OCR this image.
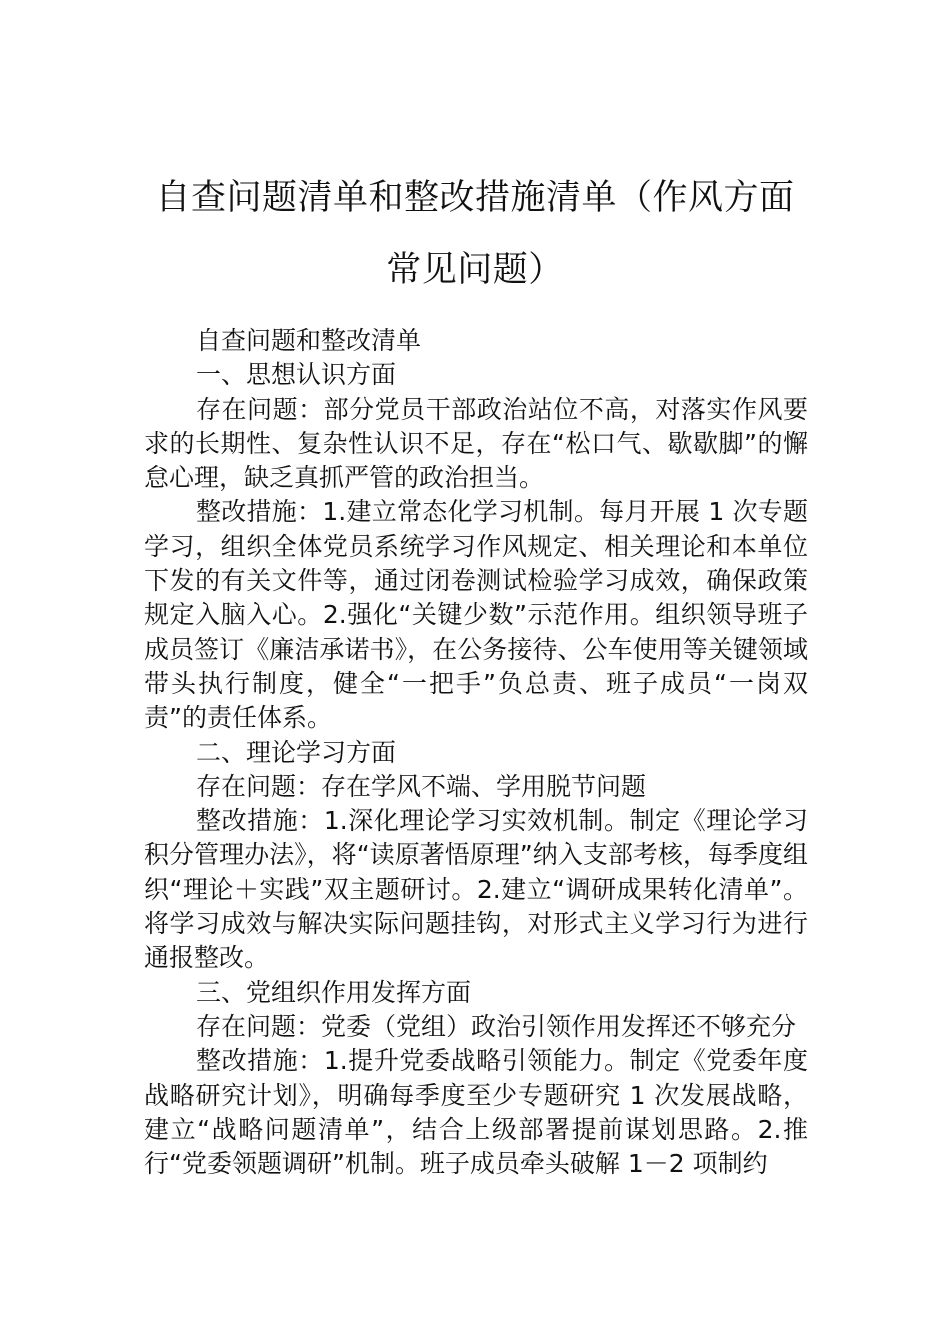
自查问题清单和整改措施清单（作风方面常见问题）

自查问题和整改清单

一、思想认识方面

存在问题：部分党员干部政治站位不高，对落实作风要求的长期性、复杂性认识不足，存在“松口气、歇歇脚”的懈怠心理，缺乏真抓严管的政治担当。

整改措施：1.建立常态化学习机制。每月开展 1 次专题学习，组织全体党员系统学习作风规定、相关理论和本单位下发的有关文件等，通过闭卷测试检验学习成效，确保政策规定入脑入心。2.强化“关键少数”示范作用。组织领导班子成员签订《廉洁承诺书》，在公务接待、公车使用等关键领域带头执行制度，健全“一把手”负总责、班子成员“一岗双责”的责任体系。

二、理论学习方面

存在问题：存在学风不端、学用脱节问题

整改措施：1.深化理论学习实效机制。制定《理论学习积分管理办法》，将“读原著悟原理”纳入支部考核，每季度组织“理论＋实践”双主题研讨。2.建立“调研成果转化清单”。将学习成效与解决实际问题挂钩，对形式主义学习行为进行通报整改。

三、党组织作用发挥方面

存在问题：党委（党组）政治引领作用发挥还不够充分

整改措施：1.提升党委战略引领能力。制定《党委年度战略研究计划》，明确每季度至少专题研究 1 次发展战略，建立“战略问题清单”，结合上级部署提前谋划思路。2.推行“党委领题调研”机制。班子成员牵头破解 1－2 项制约
